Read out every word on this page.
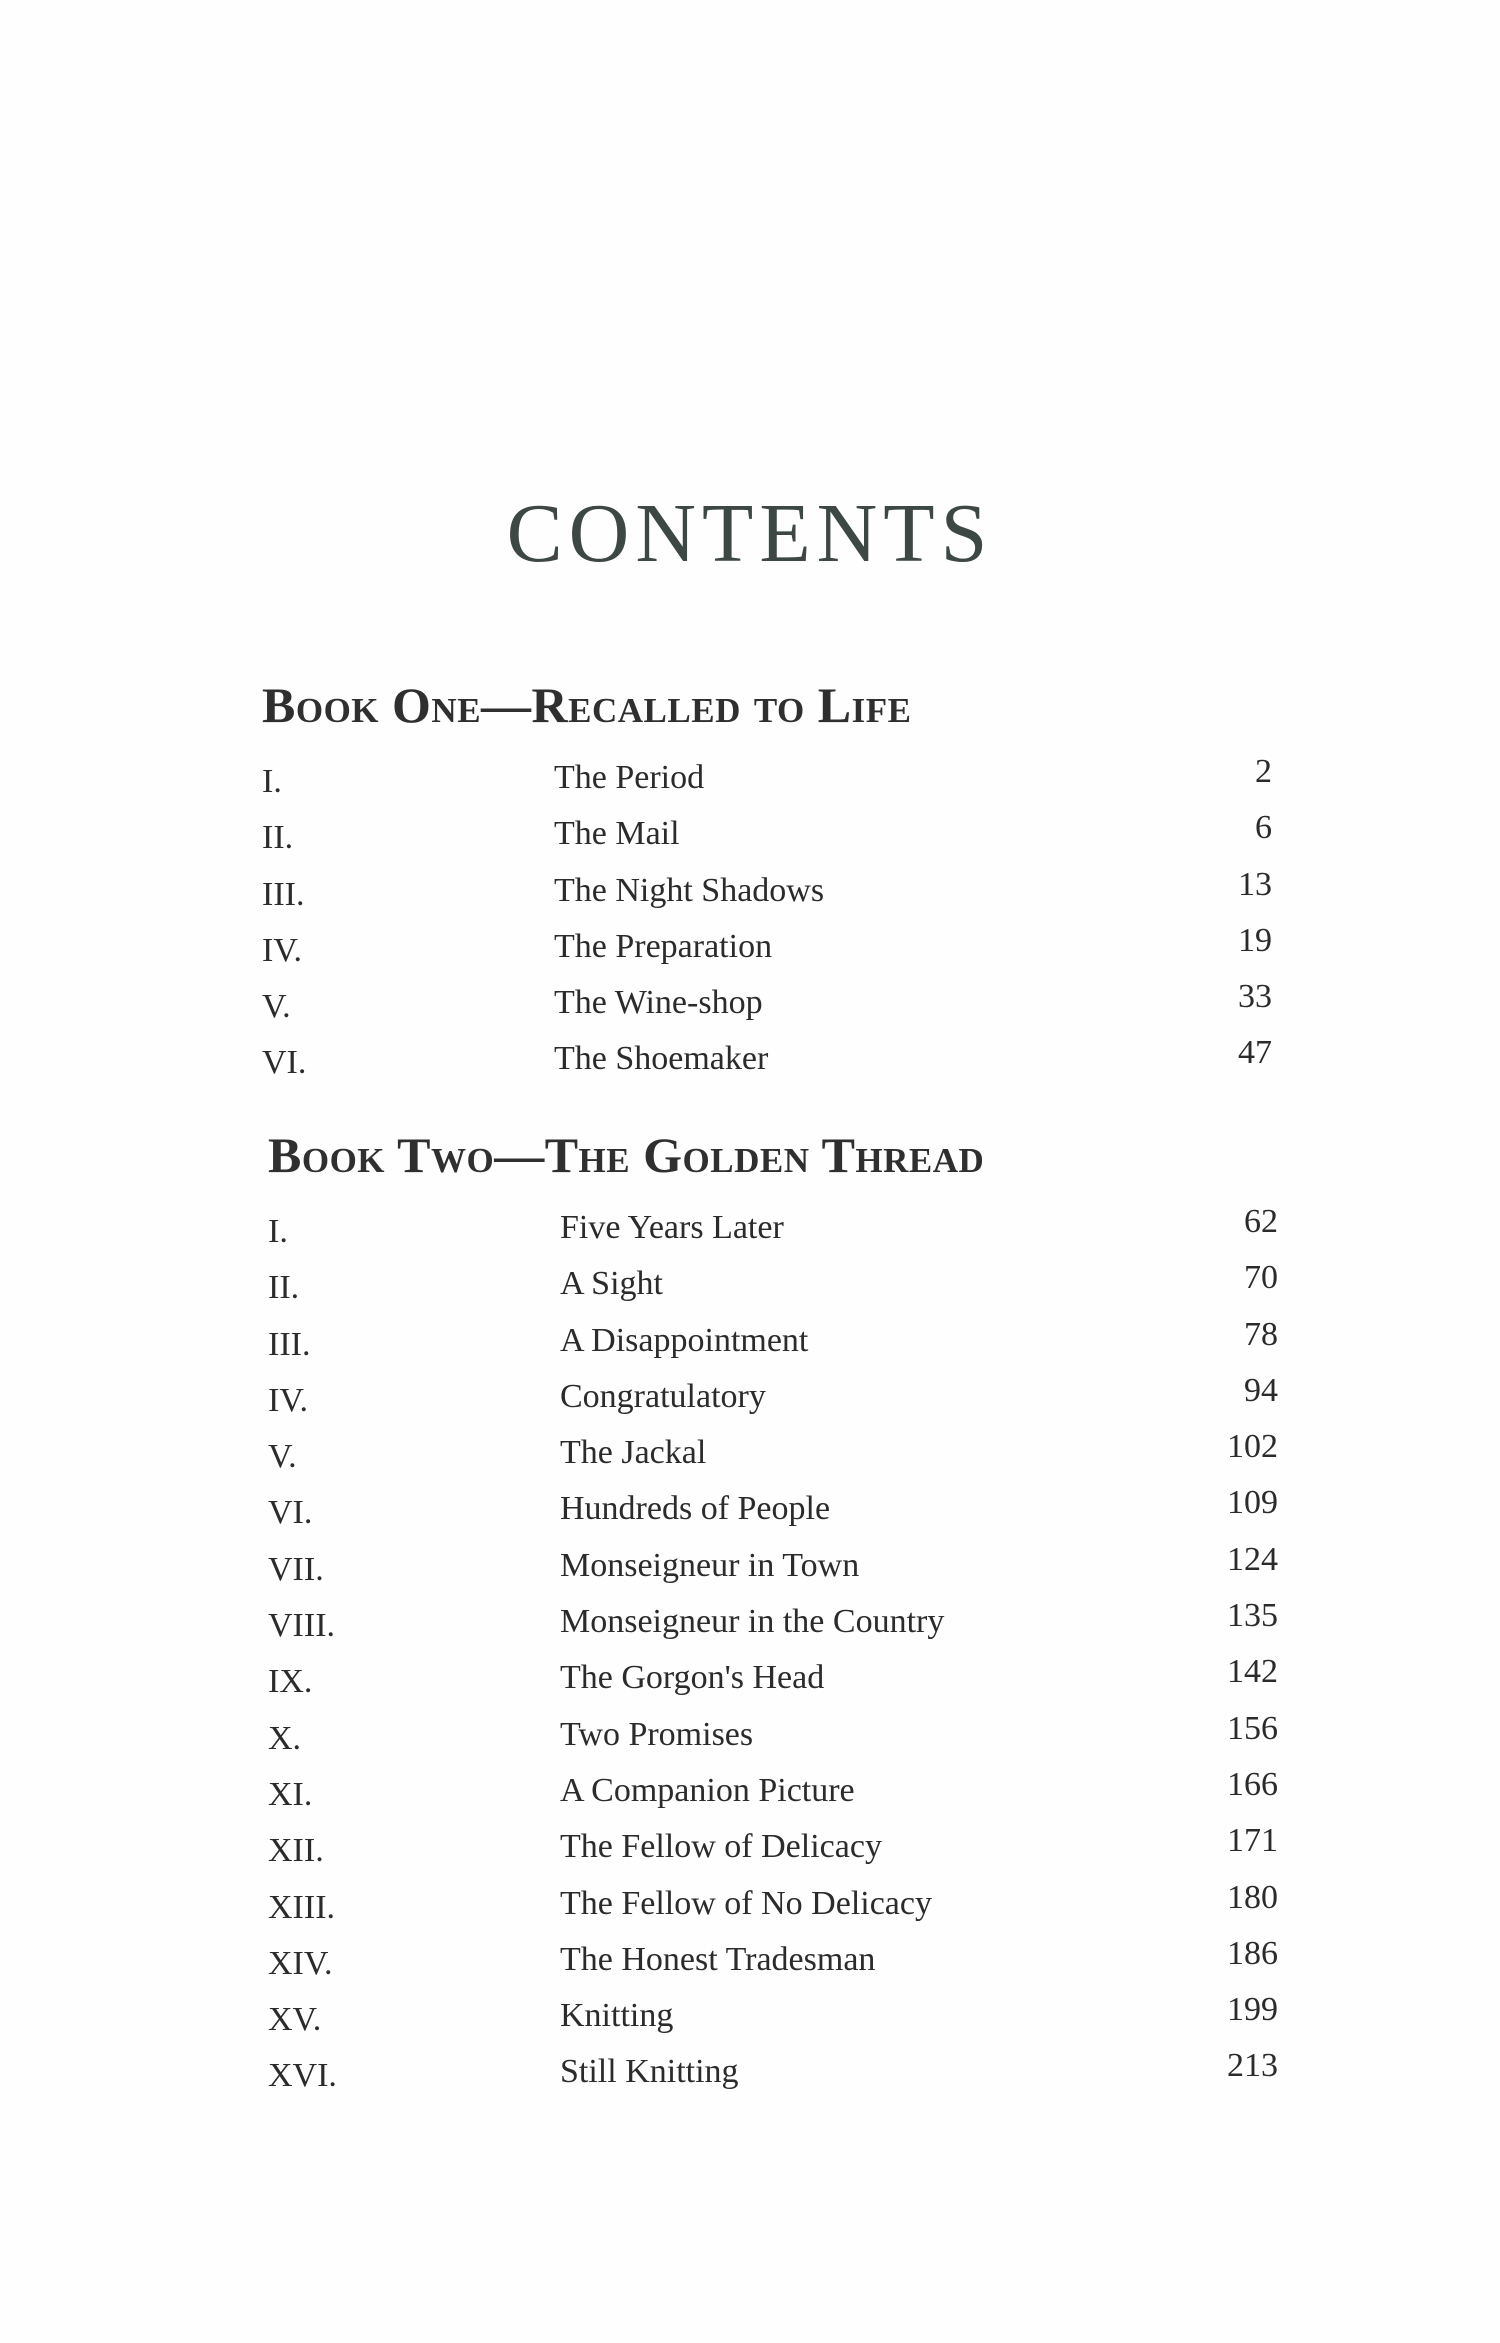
CONTENTS
Book One—Recalled to Life
I.	The Period	2
II.	The Mail	6
III.	The Night Shadows	13
IV.	The Preparation	19
V.	The Wine-shop	33
VI.	The Shoemaker	47
Book Two—The Golden Thread
I.	Five Years Later	62
II.	A Sight	70
III.	A Disappointment	78
IV.	Congratulatory	94
V.	The Jackal	102
VI.	Hundreds of People	109
VII.	Monseigneur in Town	124
VIII.	Monseigneur in the Country	135
IX.	The Gorgon's Head	142
X.	Two Promises	156
XI.	A Companion Picture	166
XII.	The Fellow of Delicacy	171
XIII.	The Fellow of No Delicacy	180
XIV.	The Honest Tradesman	186
XV.	Knitting	199
XVI.	Still Knitting	213
